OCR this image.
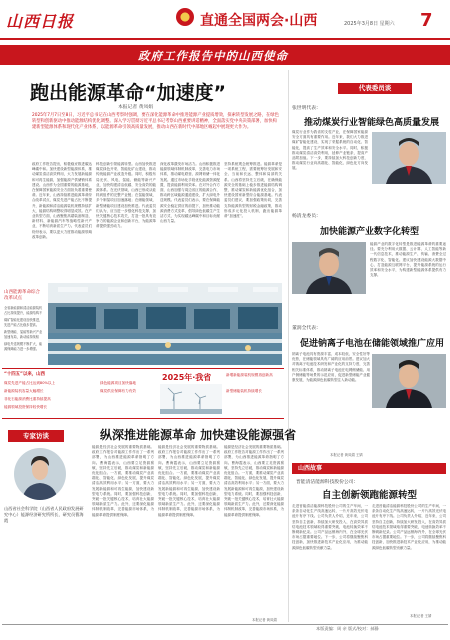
山西日报	直通全国两会·山西	2025年3月8日 星期六 7
政府工作报告中的山西使命
跑出能源革命“加速度”
本报记者 黄凤娟
2025年7月7日至8日，习近平总书记在山西考察时强调，要在深化能源革命中推进能源产业提质增效，探索转型发展之路，在绿色转型和创新驱动中推动能源结构优化调整。深入学习贯彻习近平总书记考察山西重要讲话精神，全面落实党中央决策部署，加快构建新型能源体系和现代化产业体系，以能源革命引领高质量发展，推动山西在新时代中部地区崛起中展现更大作为。
政府工作报告提出，积极稳妥推进碳达峰碳中和。加快建设新型能源体系，推动煤炭清洁高效利用，大力发展新能源和可再生能源，加强能源产供储销体系建设。山西作为全国重要的能源基地，在保障国家能源安全方面担负着重要使命。近年来，山西持续推进能源革命综合改革试点，煤炭先进产能占比不断提升，新能源和清洁能源装机规模持续扩大，能源结构调整取得明显成效。在产业转型方面，山西聚焦高端装备制造、新材料、新能源汽车等战略性新兴产业，不断培育新质生产力。代表委员们纷纷表示，要以更大力度推动能源领域改革创新。
科技创新引领能源转型。山西加快推进煤炭绿色开采、智能化矿山建设，推动传统能源产业改造升级。同时，积极布局光伏、风电、氢能、储能等新兴产业，加快构建清洁低碳、安全高效的能源体系。在光伏领域，山西已形成从硅料到组件的完整产业链；在氢能领域，多个制氢项目加速落地；在储能领域，新型储能项目建设加快推进。代表委员们认为，应当进一步强化科技支撑，加快关键核心技术攻关，打造一批具有竞争力的能源企业和创新平台，为能源革命提供强劲动力。
深化改革激发市场活力。山西积极推进能源领域体制机制改革，完善电力市场体系，推动煤电联营、源网荷储一体化发展。通过市场化手段优化能源资源配置，提高能源利用效率。在对外合作方面，山西加强与周边省区的能源合作，推动跨区域能源通道建设，扩大绿电外送规模。代表委员们表示，要在保障能源安全稳定供应的前提下，加快推动能源消费方式变革，倡导绿色低碳生产生活方式，为实现碳达峰碳中和目标贡献山西力量。
坚持系统观念统筹推进。能源革命是一项系统工程，需要统筹好发展和安全、当前和长远、整体和局部的关系。山西将坚持先立后破，在确保能源安全的基础上稳步推进能源结构调整，推动煤炭和新能源优化组合，加快建设国家新型综合能源基地。代表委员们建议，要加强政策协同，完善支持能源转型的财税金融政策，推动形成多元化投入机制，跑出能源革命“加速度”。
山西能源革命综合改革试点
全省新能源和清洁能源装机占比持续提升，能源结构不
煤矿智能化建设加快推进，先进产能占比稳步提高。
新型储能、氢能等新兴产业加速布局，新动能持续积
绿电外送规模不断扩大，能源保障能力进一步增强。
“十四五”以来，山西
煤炭先进产能占比达到80%以上
新能源装机容量大幅增长
非化石能源消费比重持续提高
能源领域投资保持较快增长
绿色能源项目加快落地
煤炭供应保障有力有效
2025年·我省	新增新能源装机规模再创新高
新型储能装机持续增长
代表委员谈
张世明代表：
推动煤炭行业智能绿色高质量发展
煤炭行业作为我省的支柱产业，在保障国家能源安全方面具有重要作用。近年来，我们大力推进煤矿智能化建设，实现了采掘系统的自动化、智能化，提高了生产效率和安全水平。同时，积极推动煤炭清洁高效利用，延伸产业链条，提高产品附加值。下一步，要持续加大科技创新力度，推动煤炭行业向高端化、智能化、绿色化方向发展。
杨清龙委员：
加快能源产业数字化转型
能源产业的数字化转型是推进能源革命的重要途径。要充分利用大数据、云计算、人工智能等新一代信息技术，推动能源生产、传输、消费全过程数字化、智能化。建议加快建设能源大数据中心，打造能源互联网平台，提升能源系统的运行效率和安全水平，为构建新型能源体系提供有力支撑。
董润全代表：
促进钠离子电池在储能领域推广应用
钠离子电池具有资源丰富、成本较低、安全性好等优势，在储能领域具有广阔的应用前景。建议加大对钠离子电池技术研发和产业化的支持力度，完善相关标准体系，推动钠离子电池在电网侧储能、用户侧储能等场景的示范应用，促进新型储能产业健康发展，为能源绿色低碳转型注入新动能。
本报记者 黄凤娟 王婧
专家访谈
山西省社会科学院（山西省人民政府发展研究中心）能源经济研究所所长、研究员曹海霞
纵深推进能源革命 加快建设能源强省
能源是经济社会发展的重要物质基础。政府工作报告对能源工作作出了一系列部署，为山西推进能源革命指明了方向。曹海霞表示，山西要立足资源禀赋，坚持先立后破，推动煤炭和新能源优化组合。一方面，要推动煤炭产业高端化、智能化、绿色化发展，提升煤炭清洁高效利用水平；另一方面，要大力发展新能源和可再生能源，加快建设新型电力系统。同时，要加强科技创新，突破一批关键核心技术，培育壮大能源领域新质生产力。此外，还要深化能源体制机制改革，完善能源市场体系，为能源革命提供制度保障。
能源是经济社会发展的重要物质基础。政府工作报告对能源工作作出了一系列部署，为山西推进能源革命指明了方向。曹海霞表示，山西要立足资源禀赋，坚持先立后破，推动煤炭和新能源优化组合。一方面，要推动煤炭产业高端化、智能化、绿色化发展，提升煤炭清洁高效利用水平；另一方面，要大力发展新能源和可再生能源，加快建设新型电力系统。同时，要加强科技创新，突破一批关键核心技术，培育壮大能源领域新质生产力。此外，还要深化能源体制机制改革，完善能源市场体系，为能源革命提供制度保障。
能源是经济社会发展的重要物质基础。政府工作报告对能源工作作出了一系列部署，为山西推进能源革命指明了方向。曹海霞表示，山西要立足资源禀赋，坚持先立后破，推动煤炭和新能源优化组合。一方面，要推动煤炭产业高端化、智能化、绿色化发展，提升煤炭清洁高效利用水平；另一方面，要大力发展新能源和可再生能源，加快建设新型电力系统。同时，要加强科技创新，突破一批关键核心技术，培育壮大能源领域新质生产力。此外，还要深化能源体制机制改革，完善能源市场体系，为能源革命提供制度保障。
本报记者 黄凤娟
山西故事
晋能清洁能源科技股份公司：
自主创新领跑能源转型
走进晋能清洁能源科技股份公司的生产车间，一条条自动化生产线高速运转，一片片高效光伏电池片有序下线。公司负责人介绍，近年来，公司坚持自主创新，持续加大研发投入，在高效异质结电池技术领域取得重要突破，电池转换效率不断刷新纪录。公司产品远销海内外，在全球光伏市场占据重要地位。下一步，公司将继续聚焦科技创新，加快推进新技术产业化应用，为推动能源绿色低碳转型贡献力量。
走进晋能清洁能源科技股份公司的生产车间，一条条自动化生产线高速运转，一片片高效光伏电池片有序下线。公司负责人介绍，近年来，公司坚持自主创新，持续加大研发投入，在高效异质结电池技术领域取得重要突破，电池转换效率不断刷新纪录。公司产品远销海内外，在全球光伏市场占据重要地位。下一步，公司将继续聚焦科技创新，加快推进新技术产业化应用，为推动能源绿色低碳转型贡献力量。
本报记者 王婧
本版责编：周 亲 版式/校对：郝静
